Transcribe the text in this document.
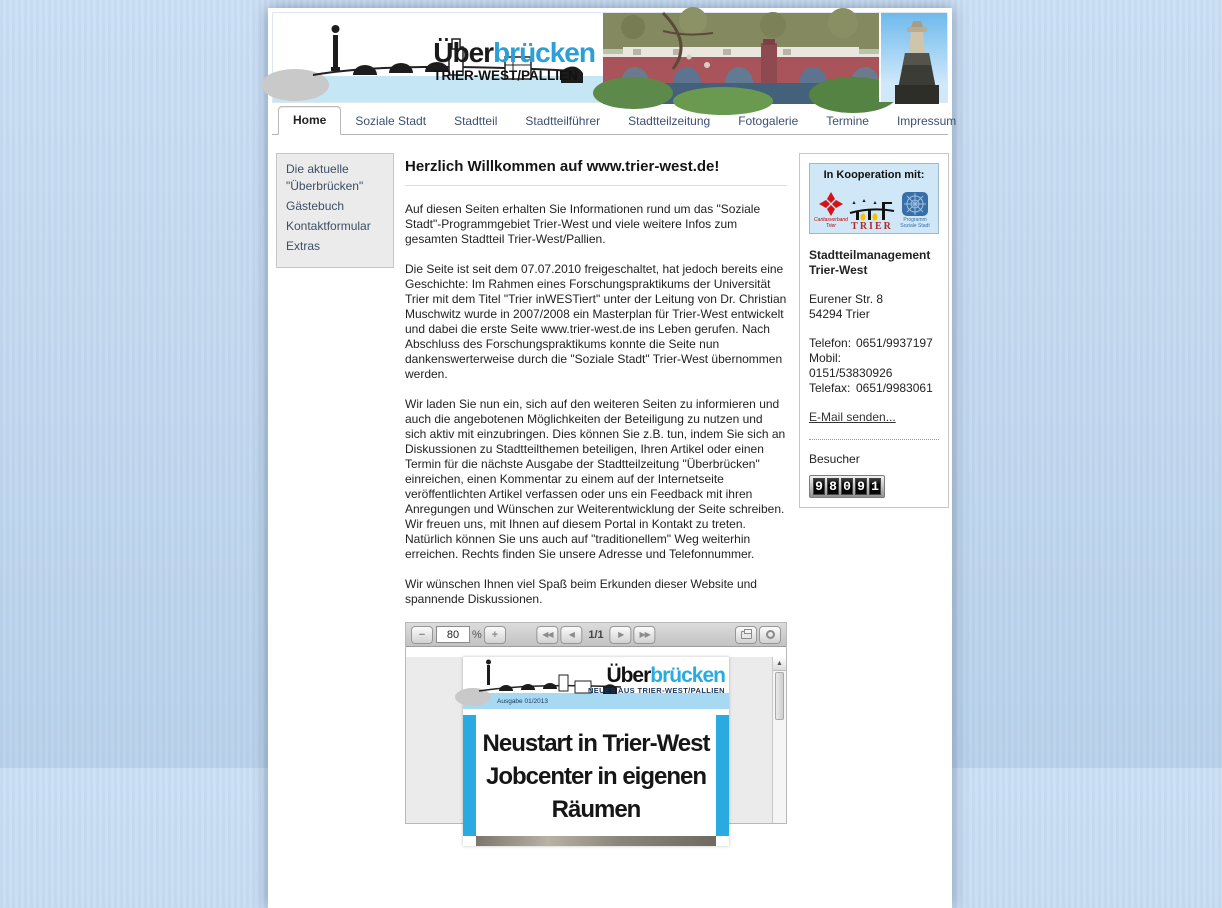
Überbrücken
TRIER-WEST/PALLIEN
Home	Soziale Stadt	Stadtteil	Stadtteilführer	Stadtteilzeitung	Fotogalerie	Termine	Impressum
Die aktuelle "Überbrücken"
Gästebuch
Kontaktformular
Extras
Herzlich Willkommen auf www.trier-west.de!

Auf diesen Seiten erhalten Sie Informationen rund um das "Soziale Stadt"-Programmgebiet Trier-West und viele weitere Infos zum gesamten Stadtteil Trier-West/Pallien.

Die Seite ist seit dem 07.07.2010 freigeschaltet, hat jedoch bereits eine Geschichte: Im Rahmen eines Forschungspraktikums der Universität Trier mit dem Titel "Trier inWESTiert" unter der Leitung von Dr. Christian Muschwitz wurde in 2007/2008 ein Masterplan für Trier-West entwickelt und dabei die erste Seite www.trier-west.de ins Leben gerufen. Nach Abschluss des Forschungspraktikums konnte die Seite nun dankenswerterweise durch die "Soziale Stadt" Trier-West übernommen werden.

Wir laden Sie nun ein, sich auf den weiteren Seiten zu informieren und auch die angebotenen Möglichkeiten der Beteiligung zu nutzen und sich aktiv mit einzubringen. Dies können Sie z.B. tun, indem Sie sich an Diskussionen zu Stadtteilthemen beteiligen, Ihren Artikel oder einen Termin für die nächste Ausgabe der Stadtteilzeitung "Überbrücken" einreichen, einen Kommentar zu einem auf der Internetseite veröffentlichten Artikel verfassen oder uns ein Feedback mit ihren Anregungen und Wünschen zur Weiterentwicklung der Seite schreiben. Wir freuen uns, mit Ihnen auf diesem Portal in Kontakt zu treten. Natürlich können Sie uns auch auf "traditionellem" Weg weiterhin erreichen. Rechts finden Sie unsere Adresse und Telefonnummer.

Wir wünschen Ihnen viel Spaß beim Erkunden dieser Website und spannende Diskussionen.

−
80	% +	◀◀ ◀ 1/1 ▶ ▶▶
Überbrücken
NEUES AUS TRIER-WEST/PALLIEN
Ausgabe 01/2013
Neustart in Trier-West
Jobcenter in eigenen
Räumen
▲
In Kooperation mit:
Caritasverband Trier	TRIER
Programm Soziale Stadt
Stadtteilmanagement
Trier-West
Eurener Str. 8
54294 Trier
Telefon: 0651/9937197
Mobil:0151/53830926
Telefax: 0651/9983061
E-Mail senden...
Besucher
9 8 0 9 1
